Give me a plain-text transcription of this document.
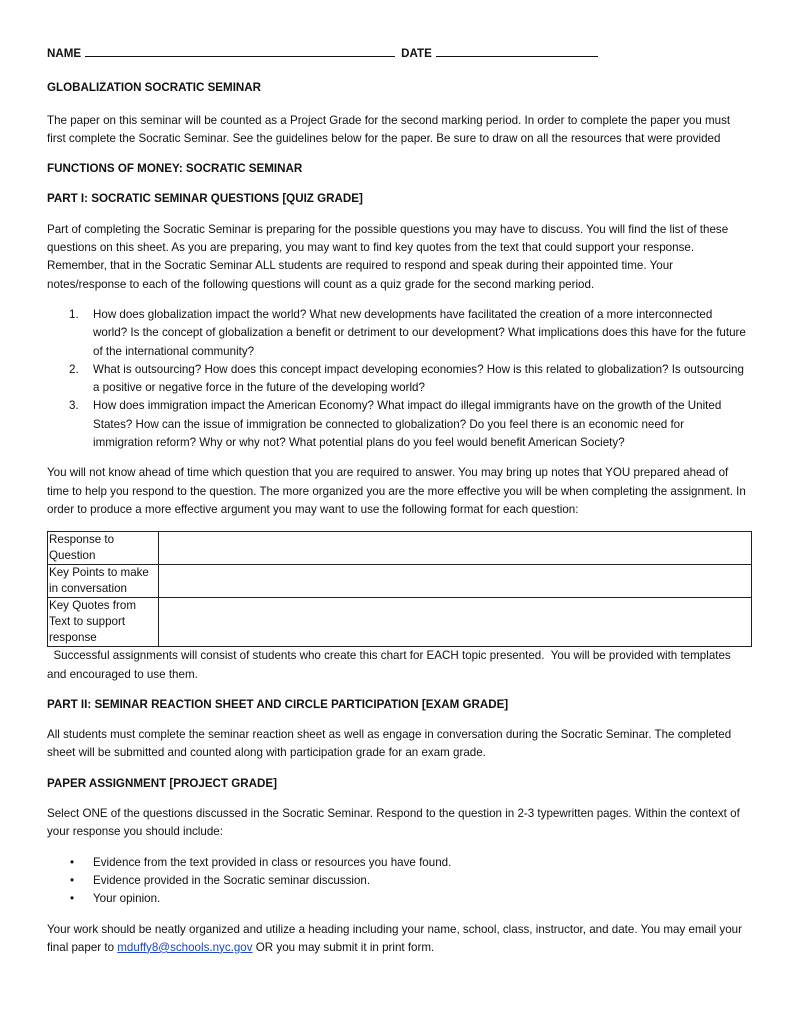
NAME	DATE

GLOBALIZATION SOCRATIC SEMINAR

The paper on this seminar will be counted as a Project Grade for the second marking period. In order to complete the paper you must first complete the Socratic Seminar. See the guidelines below for the paper. Be sure to draw on all the resources that were provided

FUNCTIONS OF MONEY: SOCRATIC SEMINAR

PART I: SOCRATIC SEMINAR QUESTIONS [QUIZ GRADE]

Part of completing the Socratic Seminar is preparing for the possible questions you may have to discuss. You will find the list of these questions on this sheet. As you are preparing, you may want to find key quotes from the text that could support your response. Remember, that in the Socratic Seminar ALL students are required to respond and speak during their appointed time. Your notes/response to each of the following questions will count as a quiz grade for the second marking period.

1. How does globalization impact the world? What new developments have facilitated the creation of a more interconnected world? Is the concept of globalization a benefit or detriment to our development? What implications does this have for the future of the international community?
2. What is outsourcing? How does this concept impact developing economies? How is this related to globalization? Is outsourcing a positive or negative force in the future of the developing world?
3. How does immigration impact the American Economy? What impact do illegal immigrants have on the growth of the United States? How can the issue of immigration be connected to globalization? Do you feel there is an economic need for immigration reform? Why or why not? What potential plans do you feel would benefit American Society?

You will not know ahead of time which question that you are required to answer. You may bring up notes that YOU prepared ahead of time to help you respond to the question. The more organized you are the more effective you will be when completing the assignment. In order to produce a more effective argument you may want to use the following format for each question:

Response to Question	
Key Points to make in conversation	
Key Quotes from Text to support response	

Successful assignments will consist of students who create this chart for EACH topic presented.  You will be provided with templates and encouraged to use them.

PART II: SEMINAR REACTION SHEET AND CIRCLE PARTICIPATION [EXAM GRADE]

All students must complete the seminar reaction sheet as well as engage in conversation during the Socratic Seminar. The completed sheet will be submitted and counted along with participation grade for an exam grade.

PAPER ASSIGNMENT [PROJECT GRADE]

Select ONE of the questions discussed in the Socratic Seminar. Respond to the question in 2-3 typewritten pages. Within the context of your response you should include:

• Evidence from the text provided in class or resources you have found.
• Evidence provided in the Socratic seminar discussion.
• Your opinion.

Your work should be neatly organized and utilize a heading including your name, school, class, instructor, and date. You may email your final paper to mduffy8@schools.nyc.gov OR you may submit it in print form.
